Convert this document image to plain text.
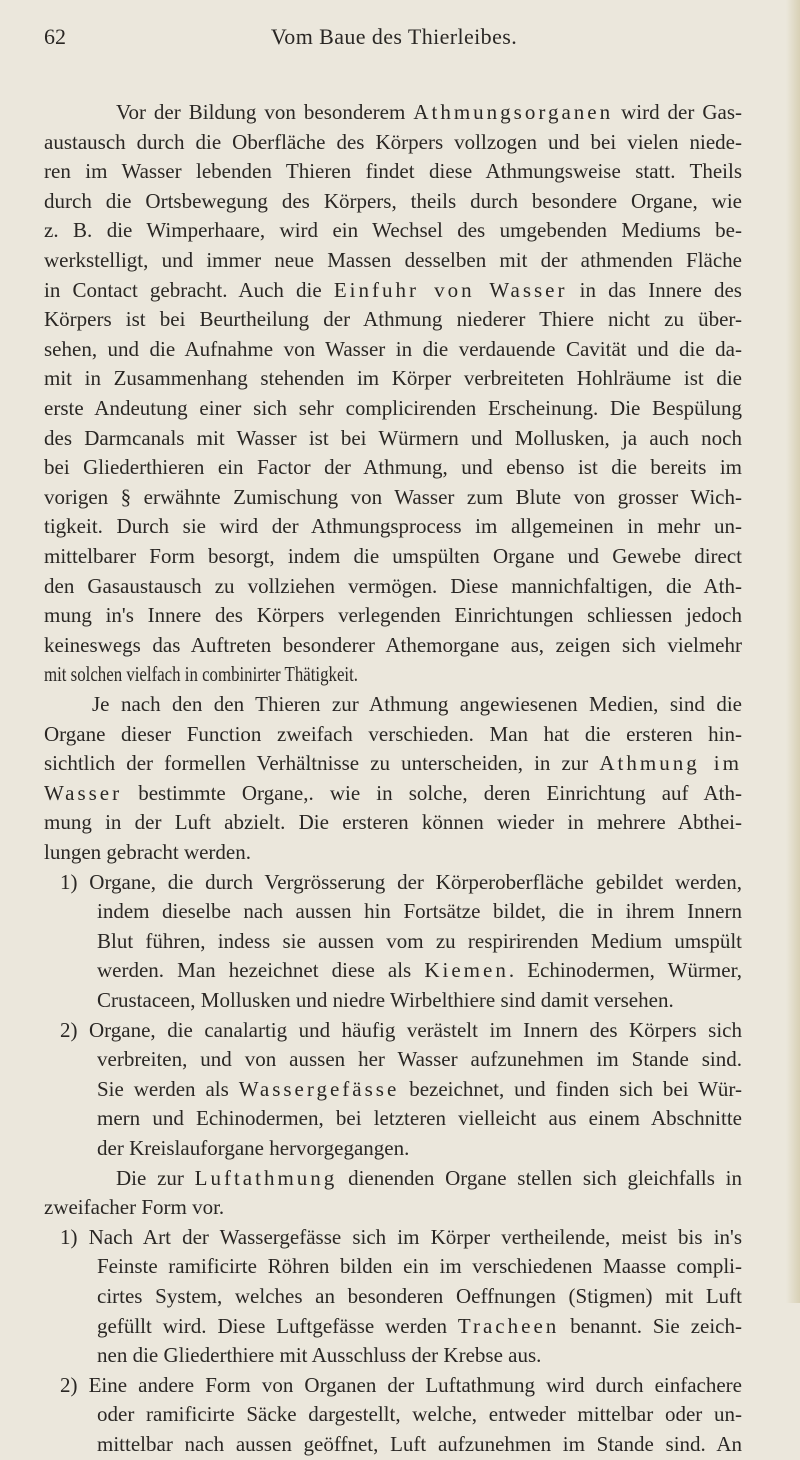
62	Vom Baue des Thierleibes.
Vor der Bildung von besonderem Athmungsorganen wird der Gas-
austausch durch die Oberfläche des Körpers vollzogen und bei vielen niede-
ren im Wasser lebenden Thieren findet diese Athmungsweise statt. Theils
durch die Ortsbewegung des Körpers, theils durch besondere Organe, wie
z. B. die Wimperhaare, wird ein Wechsel des umgebenden Mediums be-
werkstelligt, und immer neue Massen desselben mit der athmenden Fläche
in Contact gebracht. Auch die Einfuhr von Wasser in das Innere des
Körpers ist bei Beurtheilung der Athmung niederer Thiere nicht zu über-
sehen, und die Aufnahme von Wasser in die verdauende Cavität und die da-
mit in Zusammenhang stehenden im Körper verbreiteten Hohlräume ist die
erste Andeutung einer sich sehr complicirenden Erscheinung. Die Bespülung
des Darmcanals mit Wasser ist bei Würmern und Mollusken, ja auch noch
bei Gliederthieren ein Factor der Athmung, und ebenso ist die bereits im
vorigen § erwähnte Zumischung von Wasser zum Blute von grosser Wich-
tigkeit. Durch sie wird der Athmungsprocess im allgemeinen in mehr un-
mittelbarer Form besorgt, indem die umspülten Organe und Gewebe direct
den Gasaustausch zu vollziehen vermögen. Diese mannichfaltigen, die Ath-
mung in's Innere des Körpers verlegenden Einrichtungen schliessen jedoch
keineswegs das Auftreten besonderer Athemorgane aus, zeigen sich vielmehr
mit solchen vielfach in combinirter Thätigkeit.
Je nach den den Thieren zur Athmung angewiesenen Medien, sind die
Organe dieser Function zweifach verschieden. Man hat die ersteren hin-
sichtlich der formellen Verhältnisse zu unterscheiden, in zur Athmung im
Wasser bestimmte Organe,. wie in solche, deren Einrichtung auf Ath-
mung in der Luft abzielt. Die ersteren können wieder in mehrere Abthei-
lungen gebracht werden.
1) Organe, die durch Vergrösserung der Körperoberfläche gebildet werden,
indem dieselbe nach aussen hin Fortsätze bildet, die in ihrem Innern
Blut führen, indess sie aussen vom zu respirirenden Medium umspült
werden. Man hezeichnet diese als Kiemen. Echinodermen, Würmer,
Crustaceen, Mollusken und niedre Wirbelthiere sind damit versehen.
2) Organe, die canalartig und häufig verästelt im Innern des Körpers sich
verbreiten, und von aussen her Wasser aufzunehmen im Stande sind.
Sie werden als Wassergefässe bezeichnet, und finden sich bei Wür-
mern und Echinodermen, bei letzteren vielleicht aus einem Abschnitte
der Kreislauforgane hervorgegangen.
Die zur Luftathmung dienenden Organe stellen sich gleichfalls in
zweifacher Form vor.
1) Nach Art der Wassergefässe sich im Körper vertheilende, meist bis in's
Feinste ramificirte Röhren bilden ein im verschiedenen Maasse compli-
cirtes System, welches an besonderen Oeffnungen (Stigmen) mit Luft
gefüllt wird. Diese Luftgefässe werden Tracheen benannt. Sie zeich-
nen die Gliederthiere mit Ausschluss der Krebse aus.
2) Eine andere Form von Organen der Luftathmung wird durch einfachere
oder ramificirte Säcke dargestellt, welche, entweder mittelbar oder un-
mittelbar nach aussen geöffnet, Luft aufzunehmen im Stande sind. An
